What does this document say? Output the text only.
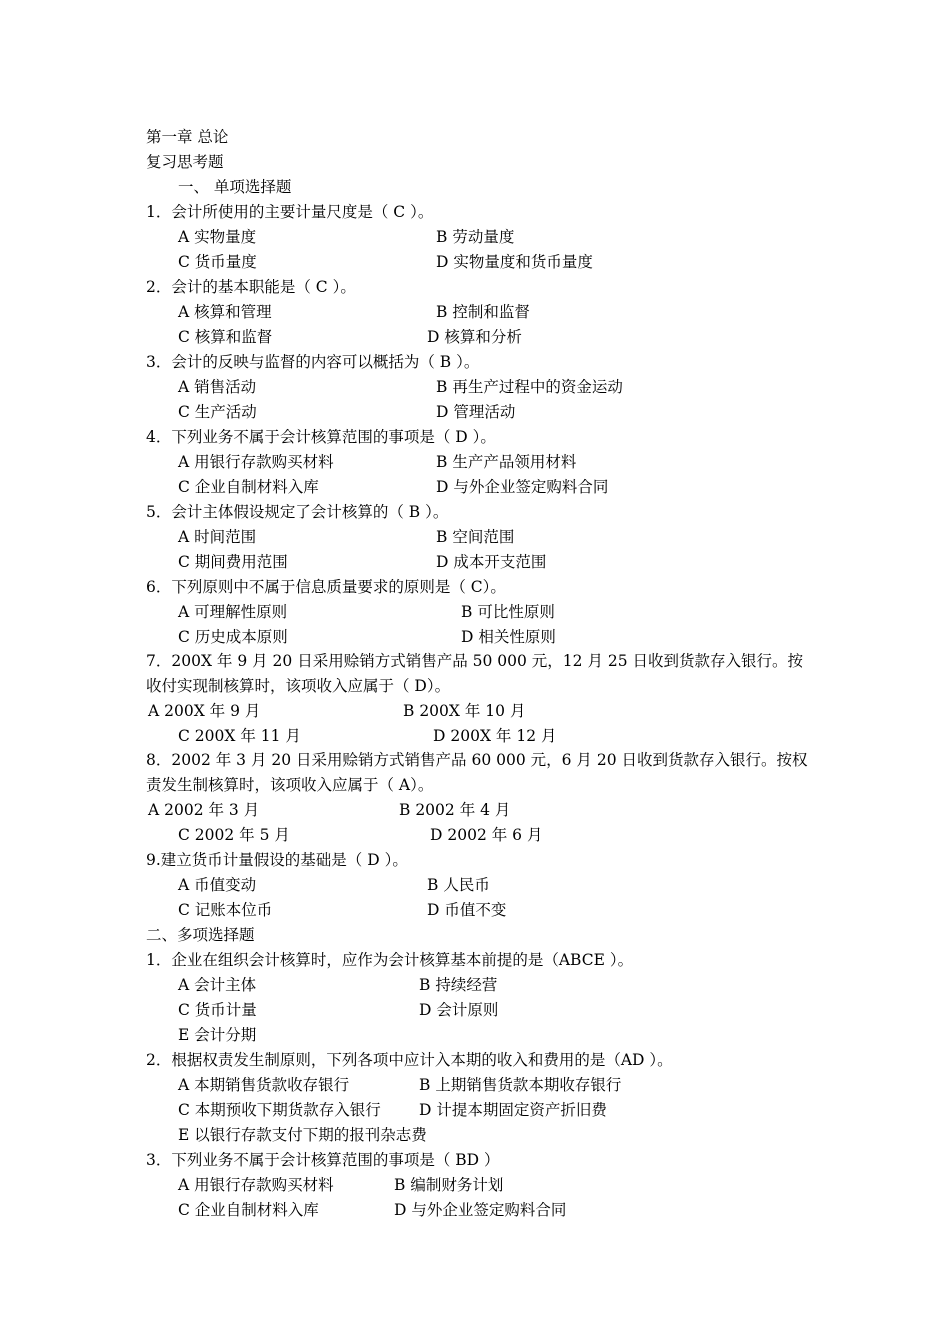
第一章 总论
复习思考题
一、 单项选择题
1．会计所使用的主要计量尺度是（ C ）。
A 实物量度	B 劳动量度
C 货币量度	D 实物量度和货币量度
2．会计的基本职能是（ C ）。
A 核算和管理	B 控制和监督
C 核算和监督	D 核算和分析
3．会计的反映与监督的内容可以概括为（ B ）。
A 销售活动	B 再生产过程中的资金运动
C 生产活动	D 管理活动
4．下列业务不属于会计核算范围的事项是（ D ）。
A 用银行存款购买材料	B 生产产品领用材料
C 企业自制材料入库	D 与外企业签定购料合同
5．会计主体假设规定了会计核算的（ B ）。
A 时间范围	B 空间范围
C 期间费用范围	D 成本开支范围
6．下列原则中不属于信息质量要求的原则是（ C）。
A 可理解性原则	B 可比性原则
C 历史成本原则	D 相关性原则
7．200X 年 9 月 20 日采用赊销方式销售产品 50 000 元，12 月 25 日收到货款存入银行。按收付实现制核算时，该项收入应属于（ D）。
A 200X 年 9 月	B 200X 年 10 月
C 200X 年 11 月	D 200X 年 12 月
8．2002 年 3 月 20 日采用赊销方式销售产品 60 000 元，6 月 20 日收到货款存入银行。按权责发生制核算时，该项收入应属于（ A）。
A 2002 年 3 月	B 2002 年 4 月
C 2002 年 5 月	D 2002 年 6 月
9.建立货币计量假设的基础是（ D ）。
A 币值变动	B 人民币
C 记账本位币	D 币值不变
二、多项选择题
1．企业在组织会计核算时，应作为会计核算基本前提的是（ABCE ）。
A 会计主体	B 持续经营
C 货币计量	D 会计原则
E 会计分期
2．根据权责发生制原则，下列各项中应计入本期的收入和费用的是（AD ）。
A 本期销售货款收存银行	B 上期销售货款本期收存银行
C 本期预收下期货款存入银行 D 计提本期固定资产折旧费
E 以银行存款支付下期的报刊杂志费
3．下列业务不属于会计核算范围的事项是（ BD ）
A 用银行存款购买材料	B 编制财务计划
C 企业自制材料入库	D 与外企业签定购料合同
